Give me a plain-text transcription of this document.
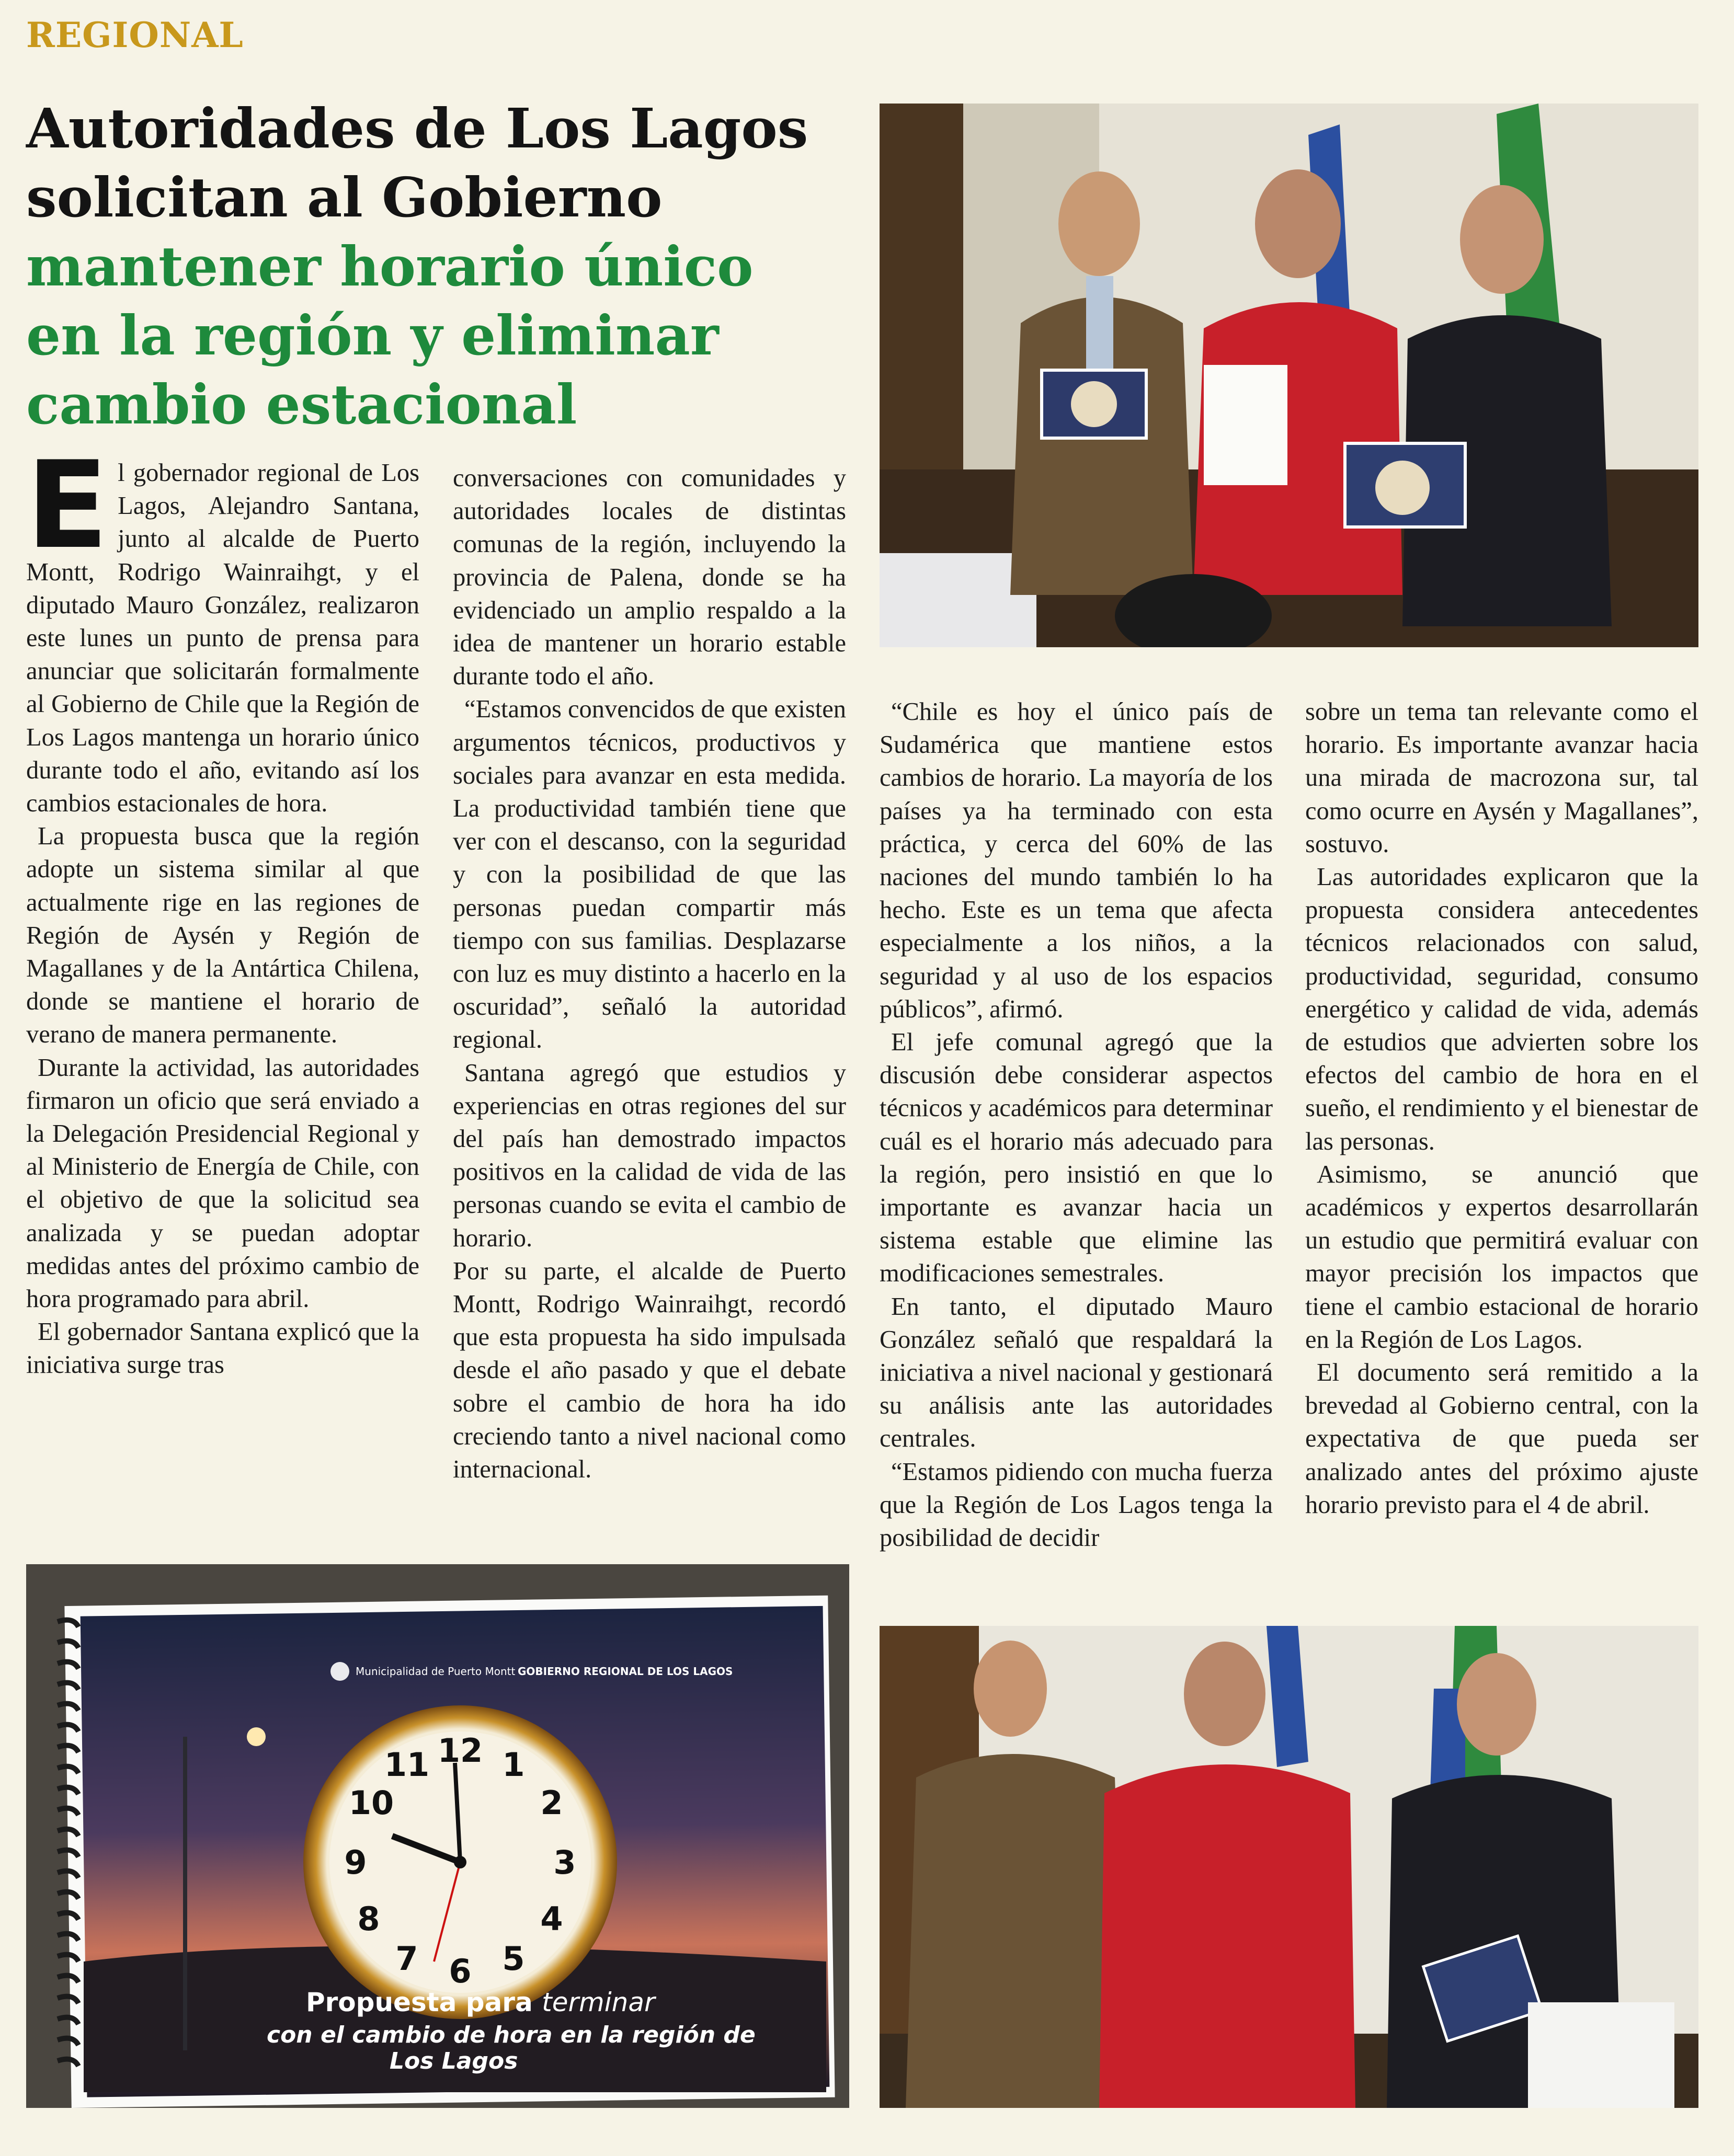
REGIONAL
Autoridades de Los Lagos
solicitan al Gobierno
mantener horario único
en la región y eliminar
cambio estacional

El gobernador regional de Los Lagos, Alejandro Santana, junto al alcalde de Puerto Montt, Rodrigo Wainraihgt, y el diputado Mauro González, realizaron este lunes un punto de prensa para anunciar que solicitarán formalmente al Gobierno de Chile que la Región de Los Lagos mantenga un horario único durante todo el año, evitando así los cambios estacionales de hora.

La propuesta busca que la región adopte un sistema similar al que actualmente rige en las regiones de Región de Aysén y Región de Magallanes y de la Antártica Chilena, donde se mantiene el horario de verano de manera permanente.

Durante la actividad, las autoridades firmaron un oficio que será enviado a la Delegación Presidencial Regional y al Ministerio de Energía de Chile, con el objetivo de que la solicitud sea analizada y se puedan adoptar medidas antes del próximo cambio de hora programado para abril.

El gobernador Santana explicó que la iniciativa surge tras

conversaciones con comunidades y autoridades locales de distintas comunas de la región, incluyendo la provincia de Palena, donde se ha evidenciado un amplio respaldo a la idea de mantener un horario estable durante todo el año.

“Estamos convencidos de que existen argumentos técnicos, productivos y sociales para avanzar en esta medida. La productividad también tiene que ver con el descanso, con la seguridad y con la posibilidad de que las personas puedan compartir más tiempo con sus familias. Desplazarse con luz es muy distinto a hacerlo en la oscuridad”, señaló la autoridad regional.

Santana agregó que estudios y experiencias en otras regiones del sur del país han demostrado impactos positivos en la calidad de vida de las personas cuando se evita el cambio de horario.

Por su parte, el alcalde de Puerto Montt, Rodrigo Wainraihgt, recordó que esta propuesta ha sido impulsada desde el año pasado y que el debate sobre el cambio de hora ha ido creciendo tanto a nivel nacional como internacional.

“Chile es hoy el único país de Sudamérica que mantiene estos cambios de horario. La mayoría de los países ya ha terminado con esta práctica, y cerca del 60% de las naciones del mundo también lo ha hecho. Este es un tema que afecta especialmente a los niños, a la seguridad y al uso de los espacios públicos”, afirmó.

El jefe comunal agregó que la discusión debe considerar aspectos técnicos y académicos para determinar cuál es el horario más adecuado para la región, pero insistió en que lo importante es avanzar hacia un sistema estable que elimine las modificaciones semestrales.

En tanto, el diputado Mauro González señaló que respaldará la iniciativa a nivel nacional y gestionará su análisis ante las autoridades centrales.

“Estamos pidiendo con mucha fuerza que la Región de Los Lagos tenga la posibilidad de decidir

sobre un tema tan relevante como el horario. Es importante avanzar hacia una mirada de macrozona sur, tal como ocurre en Aysén y Magallanes”, sostuvo.

Las autoridades explicaron que la propuesta considera antecedentes técnicos relacionados con salud, productividad, seguridad, consumo energético y calidad de vida, además de estudios que advierten sobre los efectos del cambio de hora en el sueño, el rendimiento y el bienestar de las personas.

Asimismo, se anunció que académicos y expertos desarrollarán un estudio que permitirá evaluar con mayor precisión los impactos que tiene el cambio estacional de horario en la Región de Los Lagos.

El documento será remitido a la brevedad al Gobierno central, con la expectativa de que pueda ser analizado antes del próximo ajuste horario previsto para el 4 de abril.

12 1
2
3
4
5
6
7
8
9
10
11
Municipalidad de Puerto Montt GOBIERNO REGIONAL DE LOS LAGOS
Propuesta para terminar
con el cambio de hora en la región de
Los Lagos
